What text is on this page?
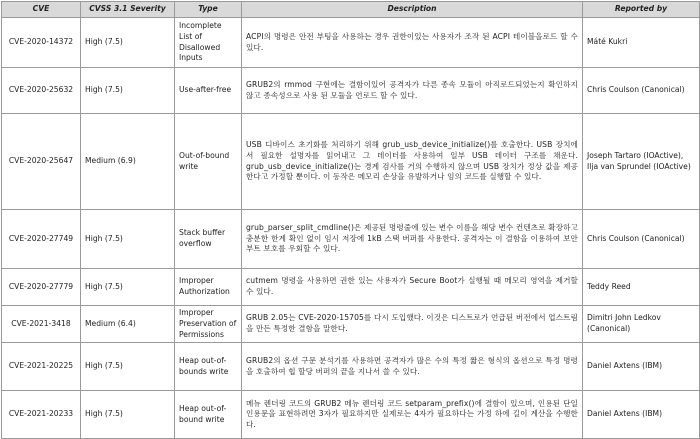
CVE	CVSS 3.1 Severity	Type	Description	Reported by
CVE-2020-14372	High (7.5)	Incomplete List of Disallowed Inputs	ACPI의 명령은 안전 부팅을 사용하는 경우 권한이있는 사용자가 조작 된 ACPI 테이블을로드 할 수 있다.	Máté Kukri
CVE-2020-25632	High (7.5)	Use-after-free	GRUB2의 rmmod 구현에는 결함이있어 공격자가 다른 종속 모듈이 아직로드되었는지 확인하지 않고 종속성으로 사용 된 모듈을 언로드 할 수 있다.	Chris Coulson (Canonical)
CVE-2020-25647	Medium (6.9)	Out-of-bound write	USB 디바이스 초기화를 처리하기 위해 grub_usb_device_initialize()를 호출한다. USB 장치에서 필요한 설명자를 읽어내고 그 데이터를 사용하여 일부 USB 데이터 구조를 채운다. grub_usb_device_initialize()는 경계 검사를 거의 수행하지 않으며 USB 장치가 정상 값을 제공한다고 가정할 뿐이다. 이 동작은 메모리 손상을 유발하거나 임의 코드를 실행할 수 있다.	Joseph Tartaro (IOActive), Ilja van Sprundel (IOActive)
CVE-2020-27749	High (7.5)	Stack buffer overflow	grub_parser_split_cmdline()은 제공된 명령줄에 있는 변수 이름을 해당 변수 컨텐츠로 확장하고 충분한 한계 확인 없이 임시 저장에 1kB 스택 버퍼를 사용한다. 공격자는 이 결함을 이용하여 보안 부트 보호를 우회할 수 있다.	Chris Coulson (Canonical)
CVE-2020-27779	High (7.5)	Improper Authorization	cutmem 명령을 사용하면 권한 있는 사용자가 Secure Boot가 실행될 때 메모리 영역을 제거할 수 있다.	Teddy Reed
CVE-2021-3418	Medium (6.4)	Improper Preservation of Permissions	GRUB 2.05는 CVE-2020-15705를 다시 도입했다. 이것은 디스트로가 언급된 버전에서 업스트림을 만든 특정한 결함을 말한다.	Dimitri John Ledkov (Canonical)
CVE-2021-20225	High (7.5)	Heap out-of-bounds write	GRUB2의 옵션 구문 분석기를 사용하면 공격자가 많은 수의 특정 짧은 형식의 옵션으로 특정 명령을 호출하여 힙 할당 버퍼의 끝을 지나서 쓸 수 있다.	Daniel Axtens (IBM)
CVE-2021-20233	High (7.5)	Heap out-of-bound write	메뉴 렌더링 코드의 GRUB2 메뉴 렌더링 코드 setparam_prefix()에 결함이 있으며, 인용된 단일 인용문을 표현하려면 3자가 필요하지만 실제로는 4자가 필요하다는 가정 하에 길이 계산을 수행한다.	Daniel Axtens (IBM)
